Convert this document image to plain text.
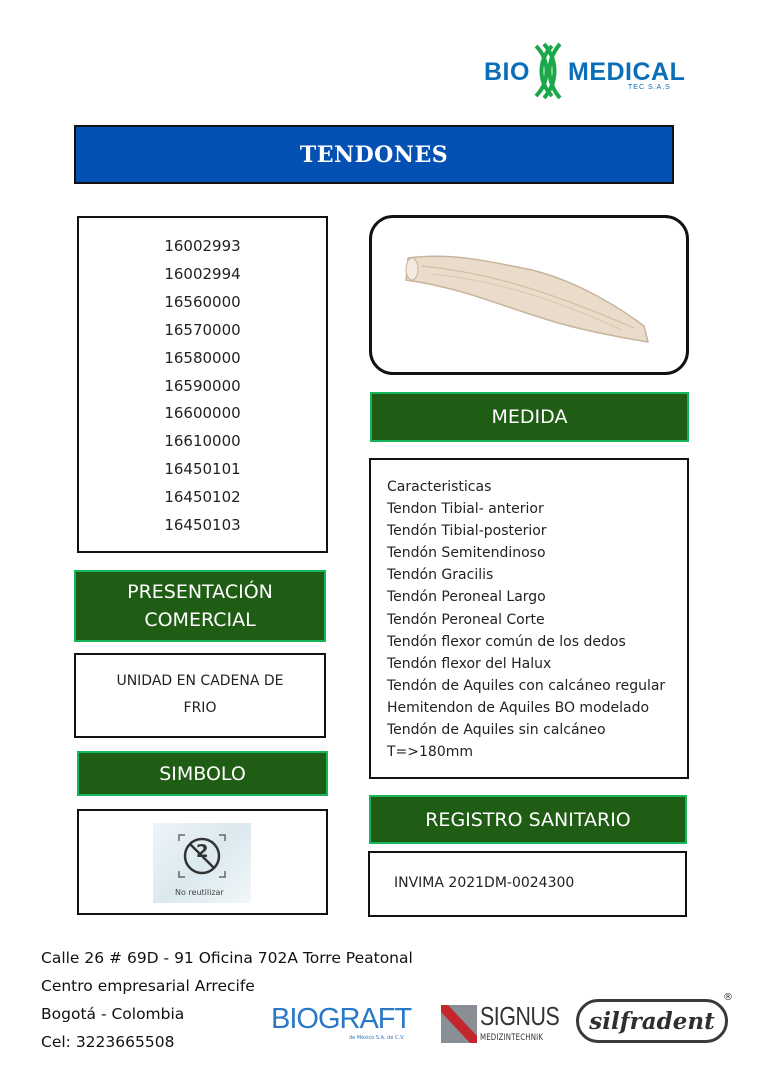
BIO MEDICAL
TEC S.A.S
TENDONES
16002993
16002994
16560000
16570000
16580000
16590000
16600000
16610000
16450101
16450102
16450103
MEDIDA
Caracteristicas
Tendon Tibial- anterior
Tendón Tibial-posterior
Tendón Semitendinoso
Tendón Gracilis
Tendón Peroneal Largo
Tendón Peroneal Corte
Tendón flexor común de los dedos
Tendón flexor del Halux
Tendón de Aquiles con calcáneo regular
Hemitendon de Aquiles BO modelado
Tendón de Aquiles sin calcáneo
T=>180mm
PRESENTACIÓN
COMERCIAL
UNIDAD EN CADENA DE
FRIO
SIMBOLO
2
No reutilizar
REGISTRO SANITARIO
INVIMA 2021DM-0024300
Calle 26 # 69D - 91 Oficina 702A Torre Peatonal
Centro empresarial Arrecife
Bogotá - Colombia
Cel: 3223665508
BIOGRAFT
de México S.A. de C.V.
SIGNUS
MEDIZINTECHNIK
silfradent
®
